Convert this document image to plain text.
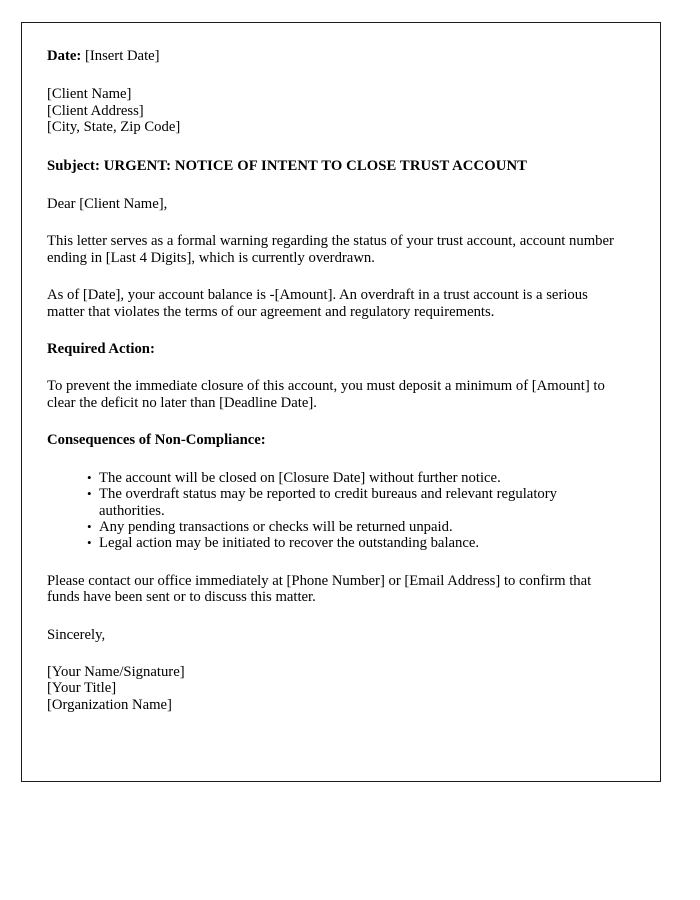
Date: [Insert Date]

[Client Name]
[Client Address]
[City, State, Zip Code]

Subject: URGENT: NOTICE OF INTENT TO CLOSE TRUST ACCOUNT

Dear [Client Name],

This letter serves as a formal warning regarding the status of your trust account, account number ending in [Last 4 Digits], which is currently overdrawn.

As of [Date], your account balance is -[Amount]. An overdraft in a trust account is a serious matter that violates the terms of our agreement and regulatory requirements.

Required Action:

To prevent the immediate closure of this account, you must deposit a minimum of [Amount] to clear the deficit no later than [Deadline Date].

Consequences of Non-Compliance:

• The account will be closed on [Closure Date] without further notice.
• The overdraft status may be reported to credit bureaus and relevant regulatory authorities.
• Any pending transactions or checks will be returned unpaid.
• Legal action may be initiated to recover the outstanding balance.

Please contact our office immediately at [Phone Number] or [Email Address] to confirm that funds have been sent or to discuss this matter.

Sincerely,

[Your Name/Signature]
[Your Title]
[Organization Name]
